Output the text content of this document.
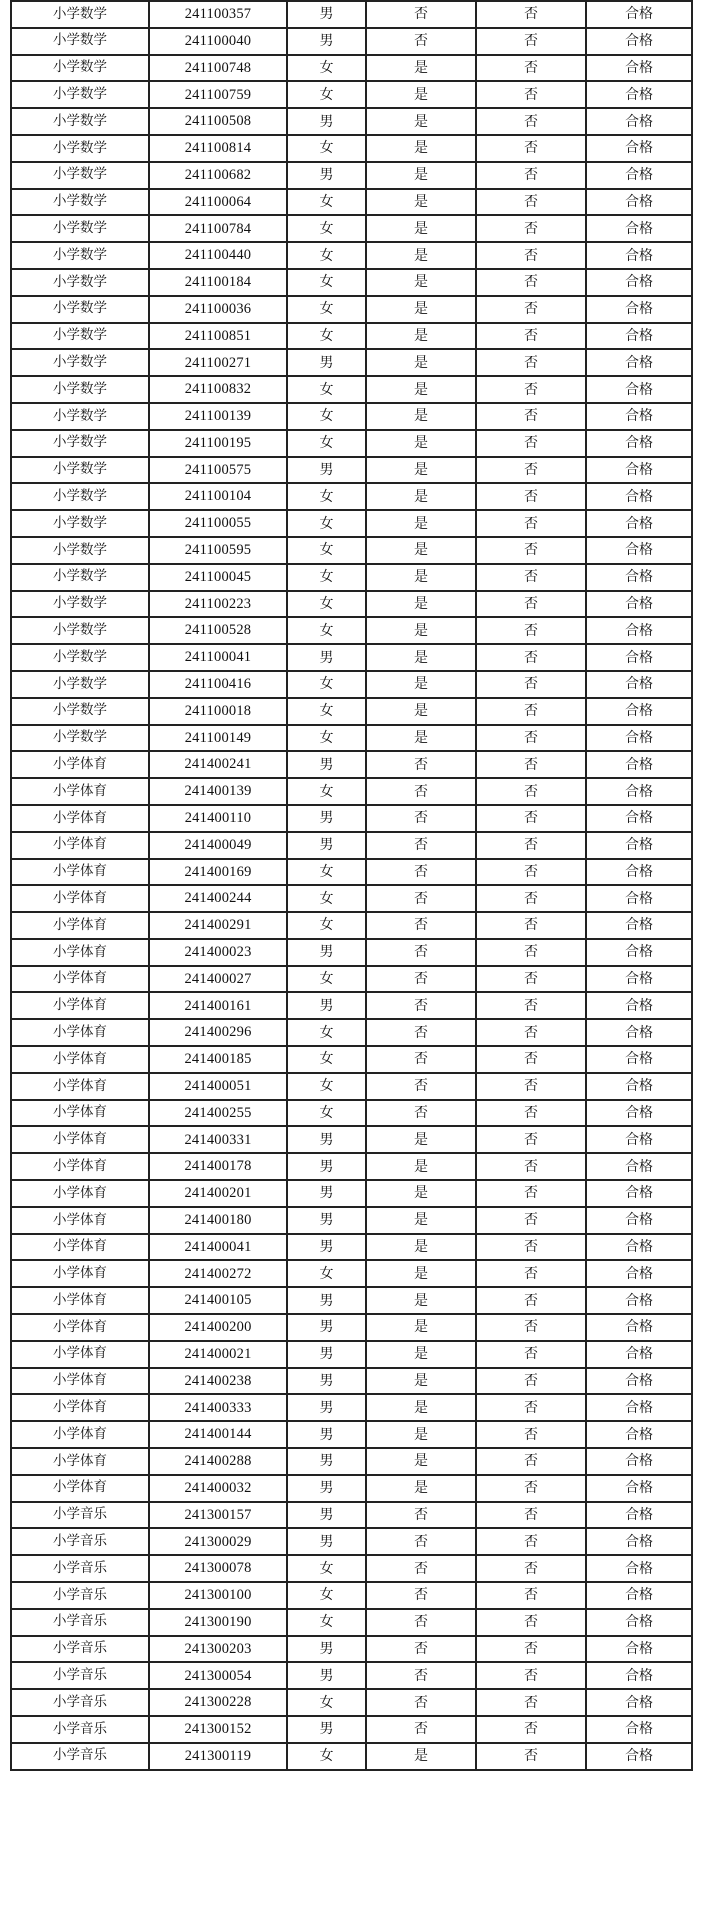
小学数学	241100357	男	否	否	合格
小学数学	241100040	男	否	否	合格
小学数学	241100748	女	是	否	合格
小学数学	241100759	女	是	否	合格
小学数学	241100508	男	是	否	合格
小学数学	241100814	女	是	否	合格
小学数学	241100682	男	是	否	合格
小学数学	241100064	女	是	否	合格
小学数学	241100784	女	是	否	合格
小学数学	241100440	女	是	否	合格
小学数学	241100184	女	是	否	合格
小学数学	241100036	女	是	否	合格
小学数学	241100851	女	是	否	合格
小学数学	241100271	男	是	否	合格
小学数学	241100832	女	是	否	合格
小学数学	241100139	女	是	否	合格
小学数学	241100195	女	是	否	合格
小学数学	241100575	男	是	否	合格
小学数学	241100104	女	是	否	合格
小学数学	241100055	女	是	否	合格
小学数学	241100595	女	是	否	合格
小学数学	241100045	女	是	否	合格
小学数学	241100223	女	是	否	合格
小学数学	241100528	女	是	否	合格
小学数学	241100041	男	是	否	合格
小学数学	241100416	女	是	否	合格
小学数学	241100018	女	是	否	合格
小学数学	241100149	女	是	否	合格
小学体育	241400241	男	否	否	合格
小学体育	241400139	女	否	否	合格
小学体育	241400110	男	否	否	合格
小学体育	241400049	男	否	否	合格
小学体育	241400169	女	否	否	合格
小学体育	241400244	女	否	否	合格
小学体育	241400291	女	否	否	合格
小学体育	241400023	男	否	否	合格
小学体育	241400027	女	否	否	合格
小学体育	241400161	男	否	否	合格
小学体育	241400296	女	否	否	合格
小学体育	241400185	女	否	否	合格
小学体育	241400051	女	否	否	合格
小学体育	241400255	女	否	否	合格
小学体育	241400331	男	是	否	合格
小学体育	241400178	男	是	否	合格
小学体育	241400201	男	是	否	合格
小学体育	241400180	男	是	否	合格
小学体育	241400041	男	是	否	合格
小学体育	241400272	女	是	否	合格
小学体育	241400105	男	是	否	合格
小学体育	241400200	男	是	否	合格
小学体育	241400021	男	是	否	合格
小学体育	241400238	男	是	否	合格
小学体育	241400333	男	是	否	合格
小学体育	241400144	男	是	否	合格
小学体育	241400288	男	是	否	合格
小学体育	241400032	男	是	否	合格
小学音乐	241300157	男	否	否	合格
小学音乐	241300029	男	否	否	合格
小学音乐	241300078	女	否	否	合格
小学音乐	241300100	女	否	否	合格
小学音乐	241300190	女	否	否	合格
小学音乐	241300203	男	否	否	合格
小学音乐	241300054	男	否	否	合格
小学音乐	241300228	女	否	否	合格
小学音乐	241300152	男	否	否	合格
小学音乐	241300119	女	是	否	合格
